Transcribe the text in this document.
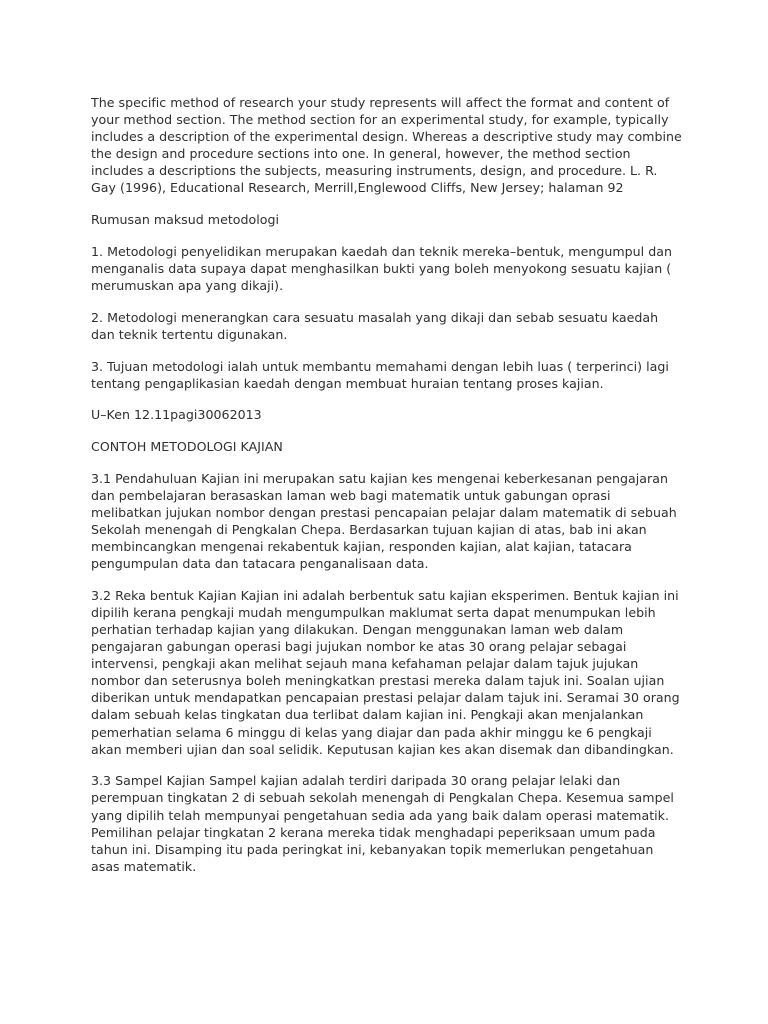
The specific method of research your study represents will affect the format and content of your method section. The method section for an experimental study, for example, typically includes a description of the experimental design. Whereas a descriptive study may combine the design and procedure sections into one. In general, however, the method section includes a descriptions the subjects, measuring instruments, design, and procedure. L. R. Gay (1996), Educational Research, Merrill,Englewood Cliffs, New Jersey; halaman 92

Rumusan maksud metodologi

1. Metodologi penyelidikan merupakan kaedah dan teknik mereka–bentuk, mengumpul dan menganalis data supaya dapat menghasilkan bukti yang boleh menyokong sesuatu kajian ( merumuskan apa yang dikaji).

2. Metodologi menerangkan cara sesuatu masalah yang dikaji dan sebab sesuatu kaedah dan teknik tertentu digunakan.

3. Tujuan metodologi ialah untuk membantu memahami dengan lebih luas ( terperinci) lagi tentang pengaplikasian kaedah dengan membuat huraian tentang proses kajian.

U–Ken 12.11pagi30062013

CONTOH METODOLOGI KAJIAN

3.1 Pendahuluan Kajian ini merupakan satu kajian kes mengenai keberkesanan pengajaran dan pembelajaran berasaskan laman web bagi matematik untuk gabungan oprasi melibatkan jujukan nombor dengan prestasi pencapaian pelajar dalam matematik di sebuah Sekolah menengah di Pengkalan Chepa. Berdasarkan tujuan kajian di atas, bab ini akan membincangkan mengenai rekabentuk kajian, responden kajian, alat kajian, tatacara pengumpulan data dan tatacara penganalisaan data.

3.2 Reka bentuk Kajian Kajian ini adalah berbentuk satu kajian eksperimen. Bentuk kajian ini dipilih kerana pengkaji mudah mengumpulkan maklumat serta dapat menumpukan lebih perhatian terhadap kajian yang dilakukan. Dengan menggunakan laman web dalam pengajaran gabungan operasi bagi jujukan nombor ke atas 30 orang pelajar sebagai intervensi, pengkaji akan melihat sejauh mana kefahaman pelajar dalam tajuk jujukan nombor dan seterusnya boleh meningkatkan prestasi mereka dalam tajuk ini. Soalan ujian diberikan untuk mendapatkan pencapaian prestasi pelajar dalam tajuk ini. Seramai 30 orang dalam sebuah kelas tingkatan dua terlibat dalam kajian ini. Pengkaji akan menjalankan pemerhatian selama 6 minggu di kelas yang diajar dan pada akhir minggu ke 6 pengkaji akan memberi ujian dan soal selidik. Keputusan kajian kes akan disemak dan dibandingkan.

3.3 Sampel Kajian Sampel kajian adalah terdiri daripada 30 orang pelajar lelaki dan perempuan tingkatan 2 di sebuah sekolah menengah di Pengkalan Chepa. Kesemua sampel yang dipilih telah mempunyai pengetahuan sedia ada yang baik dalam operasi matematik. Pemilihan pelajar tingkatan 2 kerana mereka tidak menghadapi peperiksaan umum pada tahun ini. Disamping itu pada peringkat ini, kebanyakan topik memerlukan pengetahuan asas matematik.
